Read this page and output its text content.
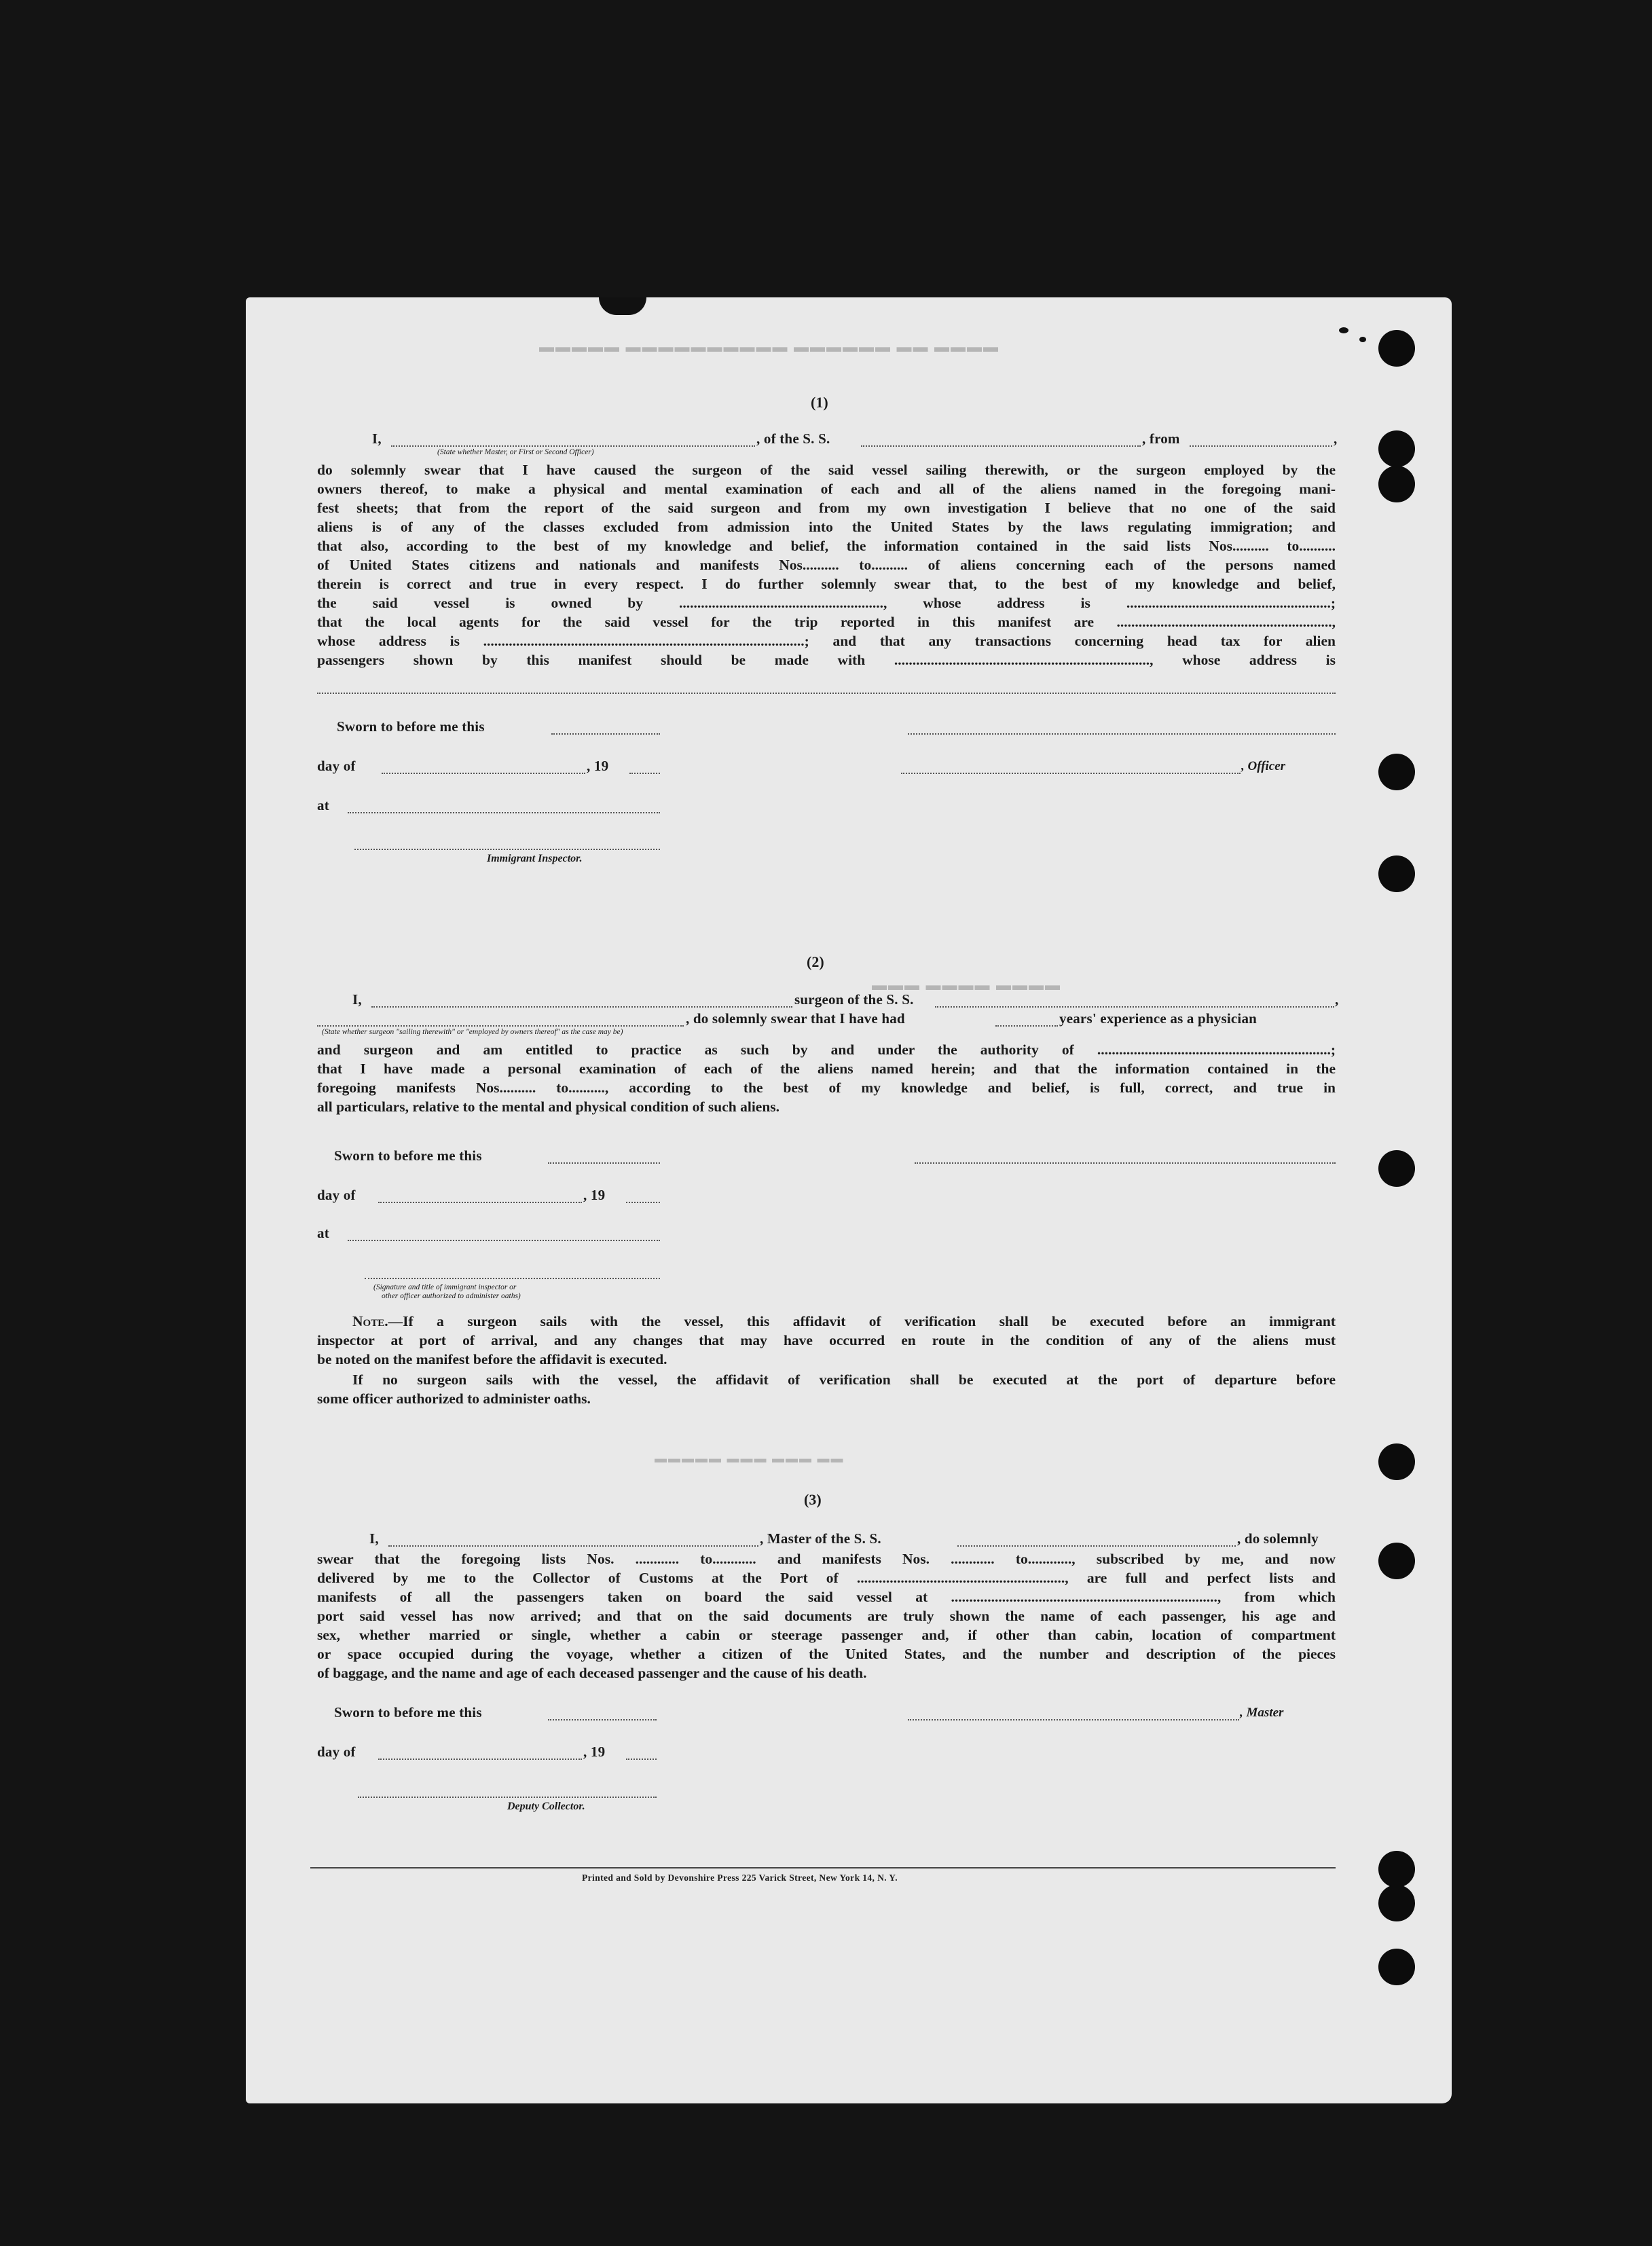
▬▬▬▬ ▬▬ ▬▬▬▬▬▬ ▬▬▬▬▬▬▬▬▬▬ ▬▬▬▬▬
▬▬▬▬ ▬▬▬▬ ▬▬▬
▬▬ ▬▬▬ ▬▬▬ ▬▬▬▬▬
(1)
I,	, of the S. S.	, from	,
(State whether Master, or First or Second Officer)
do solemnly swear that I have caused the surgeon of the said vessel sailing therewith, or the surgeon employed by the
owners thereof, to make a physical and mental examination of each and all of the aliens named in the foregoing mani-
fest sheets; that from the report of the said surgeon and from my own investigation I believe that no one of the said
aliens is of any of the classes excluded from admission into the United States by the laws regulating immigration; and
that also, according to the best of my knowledge and belief, the information contained in the said lists Nos.......... to..........
of United States citizens and nationals and manifests Nos.......... to.......... of aliens concerning each of the persons named
therein is correct and true in every respect. I do further solemnly swear that, to the best of my knowledge and belief,
the said vessel is owned by ........................................................, whose address is ........................................................;
that the local agents for the said vessel for the trip reported in this manifest are ...........................................................,
whose address is ........................................................................................; and that any transactions concerning head tax for alien
passengers shown by this manifest should be made with ......................................................................, whose address is
Sworn to before me this
day of	, 19	, Officer
at
Immigrant Inspector.
(2)
I,	surgeon of the S. S.	,
, do solemnly swear that I have had	years' experience as a physician
(State whether surgeon "sailing therewith" or "employed by owners thereof" as the case may be)
and surgeon and am entitled to practice as such by and under the authority of ................................................................;
that I have made a personal examination of each of the aliens named herein; and that the information contained in the
foregoing manifests Nos.......... to.........., according to the best of my knowledge and belief, is full, correct, and true in
all particulars, relative to the mental and physical condition of such aliens.
Sworn to before me this
day of	, 19
at
(Signature and title of immigrant inspector or
other officer authorized to administer oaths)
Note.—If a surgeon sails with the vessel, this affidavit of verification shall be executed before an immigrant
inspector at port of arrival, and any changes that may have occurred en route in the condition of any of the aliens must
be noted on the manifest before the affidavit is executed.
If no surgeon sails with the vessel, the affidavit of verification shall be executed at the port of departure before
some officer authorized to administer oaths.
(3)
I,	, Master of the S. S.	, do solemnly
swear that the foregoing lists Nos. ............ to............ and manifests Nos. ............ to............, subscribed by me, and now
delivered by me to the Collector of Customs at the Port of ........................................................., are full and perfect lists and
manifests of all the passengers taken on board the said vessel at ........................................................................., from which
port said vessel has now arrived; and that on the said documents are truly shown the name of each passenger, his age and
sex, whether married or single, whether a cabin or steerage passenger and, if other than cabin, location of compartment
or space occupied during the voyage, whether a citizen of the United States, and the number and description of the pieces
of baggage, and the name and age of each deceased passenger and the cause of his death.
Sworn to before me this	, Master
day of	, 19
Deputy Collector.
Printed and Sold by Devonshire Press 225 Varick Street, New York 14, N. Y.
